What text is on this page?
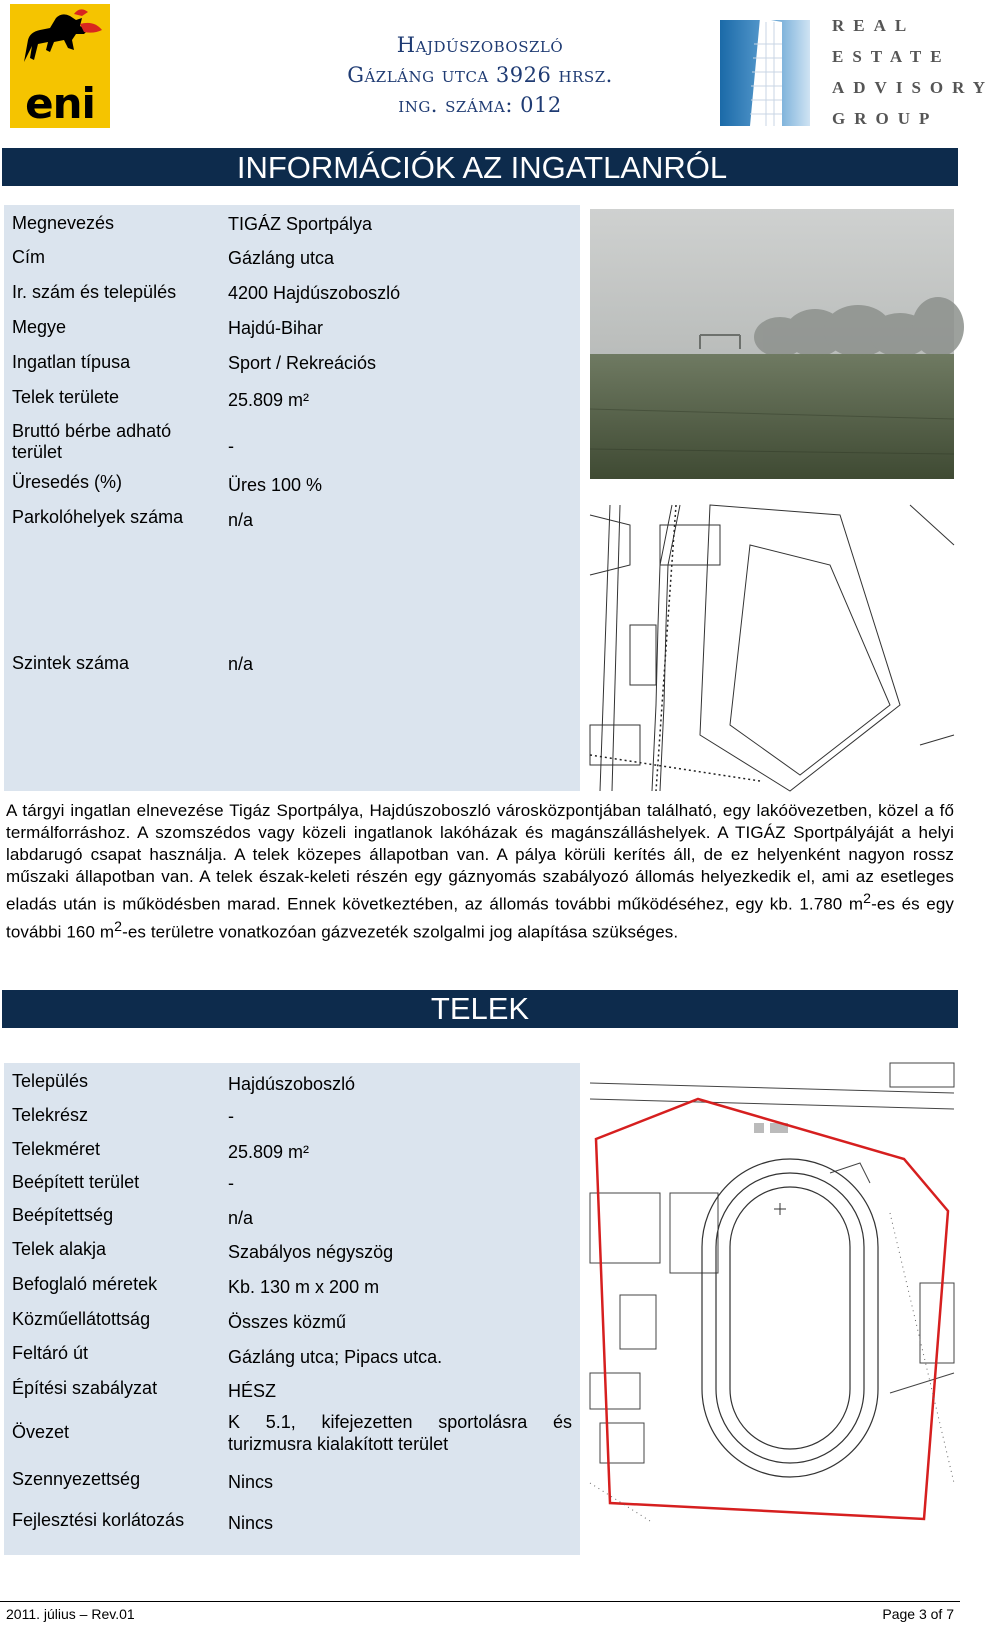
eni
Hajdúszoboszló
Gázláng utca 3926 hrsz.
ing. száma: 012
REAL
ESTATE
ADVISORY
GROUP
INFORMÁCIÓK AZ INGATLANRÓL
Megnevezés	TIGÁZ Sportpálya
Cím	Gázláng utca
Ir. szám és település	4200 Hajdúszoboszló
Megye	Hajdú-Bihar
Ingatlan típusa	Sport / Rekreációs
Telek területe	25.809 m²
Bruttó bérbe adható terület	-
Üresedés (%)	Üres 100 %
Parkolóhelyek száma	n/a
Szintek száma	n/a

A tárgyi ingatlan elnevezése Tigáz Sportpálya, Hajdúszoboszló városközpontjában található, egy lakóövezetben, közel a fő termálforráshoz. A szomszédos vagy közeli ingatlanok lakóházak és magánszálláshelyek. A TIGÁZ Sportpályáját a helyi labdarugó csapat használja. A telek közepes állapotban van. A pálya körüli kerítés áll, de ez helyenként nagyon rossz műszaki állapotban van. A telek észak-keleti részén egy gáznyomás szabályozó állomás helyezkedik el, ami az esetleges eladás után is működésben marad. Ennek következtében, az állomás további működéséhez, egy kb. 1.780 $m^2-es$ és egy további 160 $m^2-es$ területre vonatkozóan gázvezeték szolgalmi jog alapítása szükséges.

TELEK
Település	Hajdúszoboszló
Telekrész	-
Telekméret	25.809 m²
Beépített terület	-
Beépítettség	n/a
Telek alakja	Szabályos négyszög
Befoglaló méretek	Kb. 130 m x 200 m
Közműellátottság	Összes közmű
Feltáró út	Gázláng utca; Pipacs utca.
Építési szabályzat	HÉSZ
Övezet	K 5.1, kifejezetten sportolásra és turizmusra kialakított terület
Szennyezettség	Nincs
Fejlesztési korlátozás	Nincs
2011. július – Rev.01	Page 3 of 7
